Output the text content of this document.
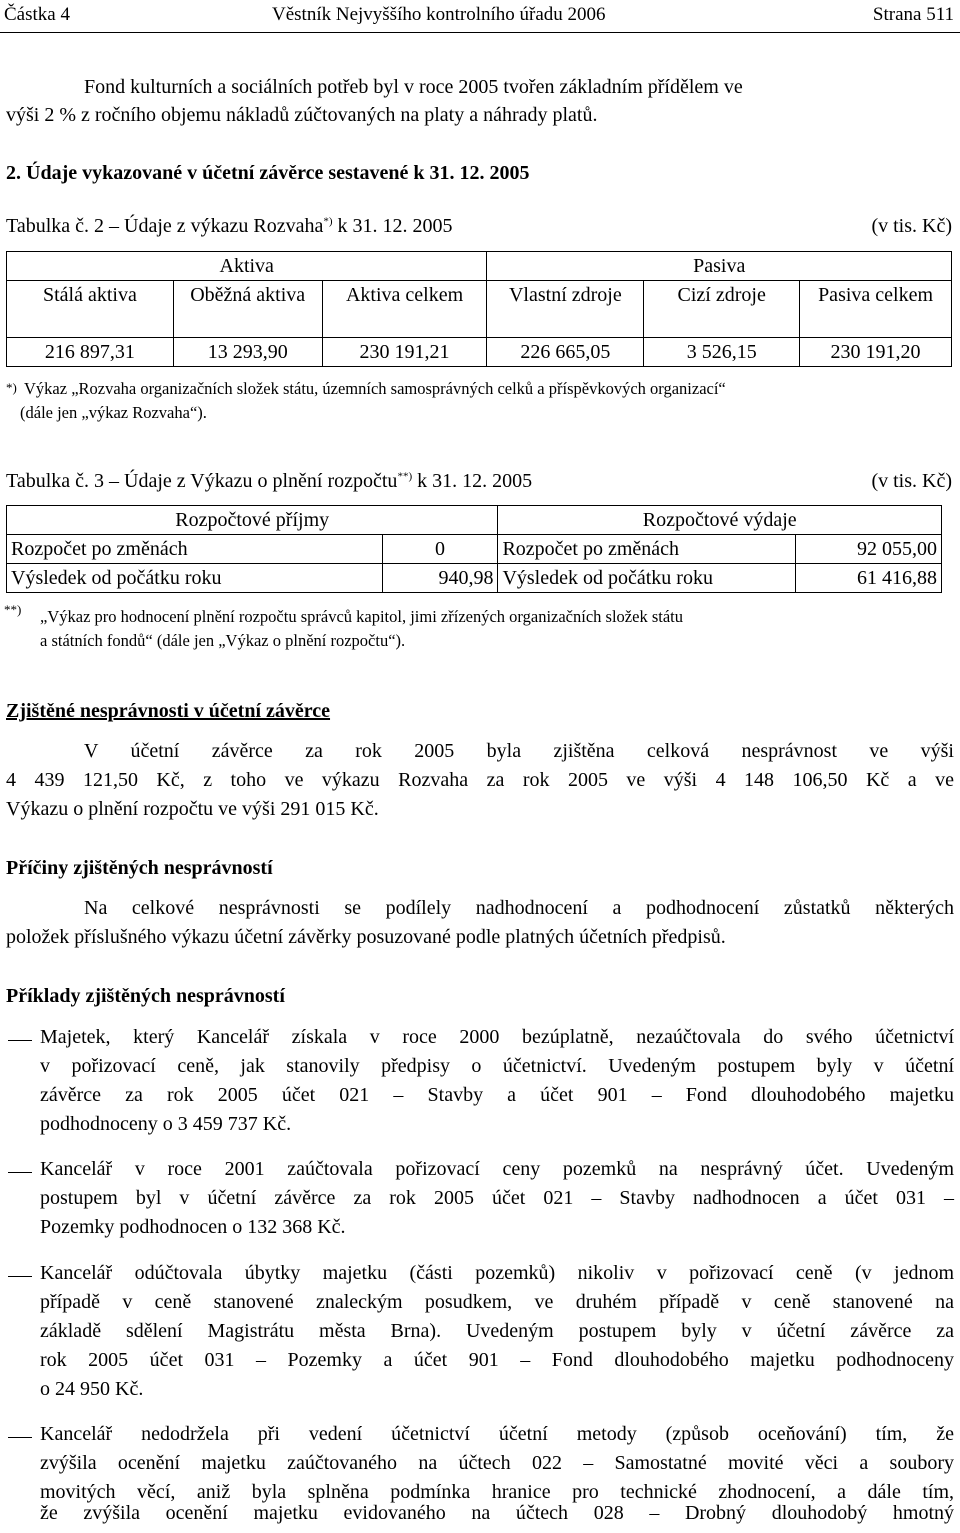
Částka 4	Věstník Nejvyššího kontrolního úřadu 2006	Strana 511
Fond kulturních a sociálních potřeb byl v roce 2005 tvořen základním přídělem ve
výši 2 % z ročního objemu nákladů zúčtovaných na platy a náhrady platů.
2. Údaje vykazované v účetní závěrce sestavené k 31. 12. 2005
Tabulka č. 2 – Údaje z výkazu Rozvaha*) k 31. 12. 2005	(v tis. Kč)
Aktiva			Pasiva		
Stálá aktiva	Oběžná aktiva	Aktiva celkem	Vlastní zdroje	Cizí zdroje	Pasiva celkem
216 897,31	13 293,90	230 191,21	226 665,05	3 526,15	230 191,20
*) Výkaz „Rozvaha organizačních složek státu, územních samosprávných celků a příspěvkových organizací“
(dále jen „výkaz Rozvaha“).
Tabulka č. 3 – Údaje z Výkazu o plnění rozpočtu**) k 31. 12. 2005	(v tis. Kč)
Rozpočtové příjmy		Rozpočtové výdaje	
Rozpočet po změnách	0	Rozpočet po změnách	92 055,00
Výsledek od počátku roku	940,98	Výsledek od počátku roku	61 416,88
**) „Výkaz pro hodnocení plnění rozpočtu správců kapitol, jimi zřízených organizačních složek státu
a státních fondů“ (dále jen „Výkaz o plnění rozpočtu“).
Zjištěné nesprávnosti v účetní závěrce
V účetní závěrce za rok 2005 byla zjištěna celková nesprávnost ve výši
4 439 121,50 Kč, z toho ve výkazu Rozvaha za rok 2005 ve výši 4 148 106,50 Kč a ve
Výkazu o plnění rozpočtu ve výši 291 015 Kč.
Příčiny zjištěných nesprávností
Na celkové nesprávnosti se podílely nadhodnocení a podhodnocení zůstatků některých
položek příslušného výkazu účetní závěrky posuzované podle platných účetních předpisů.
Příklady zjištěných nesprávností
Majetek, který Kancelář získala v roce 2000 bezúplatně, nezaúčtovala do svého účetnictví
v pořizovací ceně, jak stanovily předpisy o účetnictví. Uvedeným postupem byly v účetní
závěrce za rok 2005 účet 021 – Stavby a účet 901 – Fond dlouhodobého majetku
podhodnoceny o 3 459 737 Kč.
Kancelář v roce 2001 zaúčtovala pořizovací ceny pozemků na nesprávný účet. Uvedeným
postupem byl v účetní závěrce za rok 2005 účet 021 – Stavby nadhodnocen a účet 031 –
Pozemky podhodnocen o 132 368 Kč.
Kancelář odúčtovala úbytky majetku (části pozemků) nikoliv v pořizovací ceně (v jednom
případě v ceně stanovené znaleckým posudkem, ve druhém případě v ceně stanovené na
základě sdělení Magistrátu města Brna). Uvedeným postupem byly v účetní závěrce za
rok 2005 účet 031 – Pozemky a účet 901 – Fond dlouhodobého majetku podhodnoceny
o 24 950 Kč.
Kancelář nedodržela při vedení účetnictví účetní metody (způsob oceňování) tím, že
zvýšila ocenění majetku zaúčtovaného na účtech 022 – Samostatné movité věci a soubory
movitých věcí, aniž byla splněna podmínka hranice pro technické zhodnocení, a dále tím,
že zvýšila ocenění majetku evidovaného na účtech 028 – Drobný dlouhodobý hmotný
